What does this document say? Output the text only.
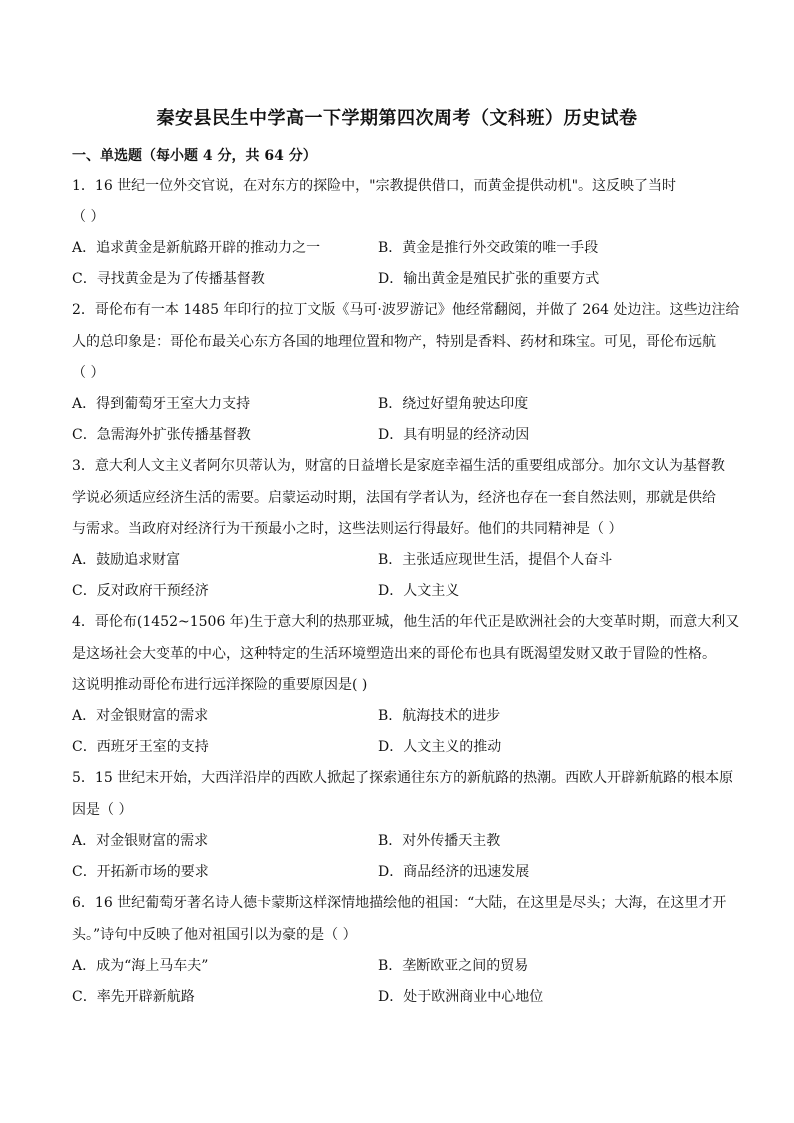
秦安县民生中学高一下学期第四次周考（文科班）历史试卷
一、单选题（每小题 4 分，共 64 分）
1．16 世纪一位外交官说，在对东方的探险中，"宗教提供借口，而黄金提供动机"。这反映了当时
（ ）
A．追求黄金是新航路开辟的推动力之一	B．黄金是推行外交政策的唯一手段
C．寻找黄金是为了传播基督教	D．输出黄金是殖民扩张的重要方式
2．哥伦布有一本 1485 年印行的拉丁文版《马可·波罗游记》他经常翻阅，并做了 264 处边注。这些边注给
人的总印象是：哥伦布最关心东方各国的地理位置和物产，特别是香料、药材和珠宝。可见，哥伦布远航
（ ）
A．得到葡萄牙王室大力支持	B．绕过好望角驶达印度
C．急需海外扩张传播基督教	D．具有明显的经济动因
3．意大利人文主义者阿尔贝蒂认为，财富的日益增长是家庭幸福生活的重要组成部分。加尔文认为基督教
学说必须适应经济生活的需要。启蒙运动时期，法国有学者认为，经济也存在一套自然法则，那就是供给
与需求。当政府对经济行为干预最小之时，这些法则运行得最好。他们的共同精神是（ ）
A．鼓励追求财富	B．主张适应现世生活，提倡个人奋斗
C．反对政府干预经济	D．人文主义
4．哥伦布(1452~1506 年)生于意大利的热那亚城，他生活的年代正是欧洲社会的大变革时期，而意大利又
是这场社会大变革的中心，这种特定的生活环境塑造出来的哥伦布也具有既渴望发财又敢于冒险的性格。
这说明推动哥伦布进行远洋探险的重要原因是( )
A．对金银财富的需求	B．航海技术的进步
C．西班牙王室的支持	D．人文主义的推动
5．15 世纪末开始，大西洋沿岸的西欧人掀起了探索通往东方的新航路的热潮。西欧人开辟新航路的根本原
因是（ ）
A．对金银财富的需求	B．对外传播天主教
C．开拓新市场的要求	D．商品经济的迅速发展
6．16 世纪葡萄牙著名诗人德卡蒙斯这样深情地描绘他的祖国：“大陆，在这里是尽头；大海，在这里才开
头。”诗句中反映了他对祖国引以为豪的是（ ）
A．成为“海上马车夫”	B．垄断欧亚之间的贸易
C．率先开辟新航路	D．处于欧洲商业中心地位
